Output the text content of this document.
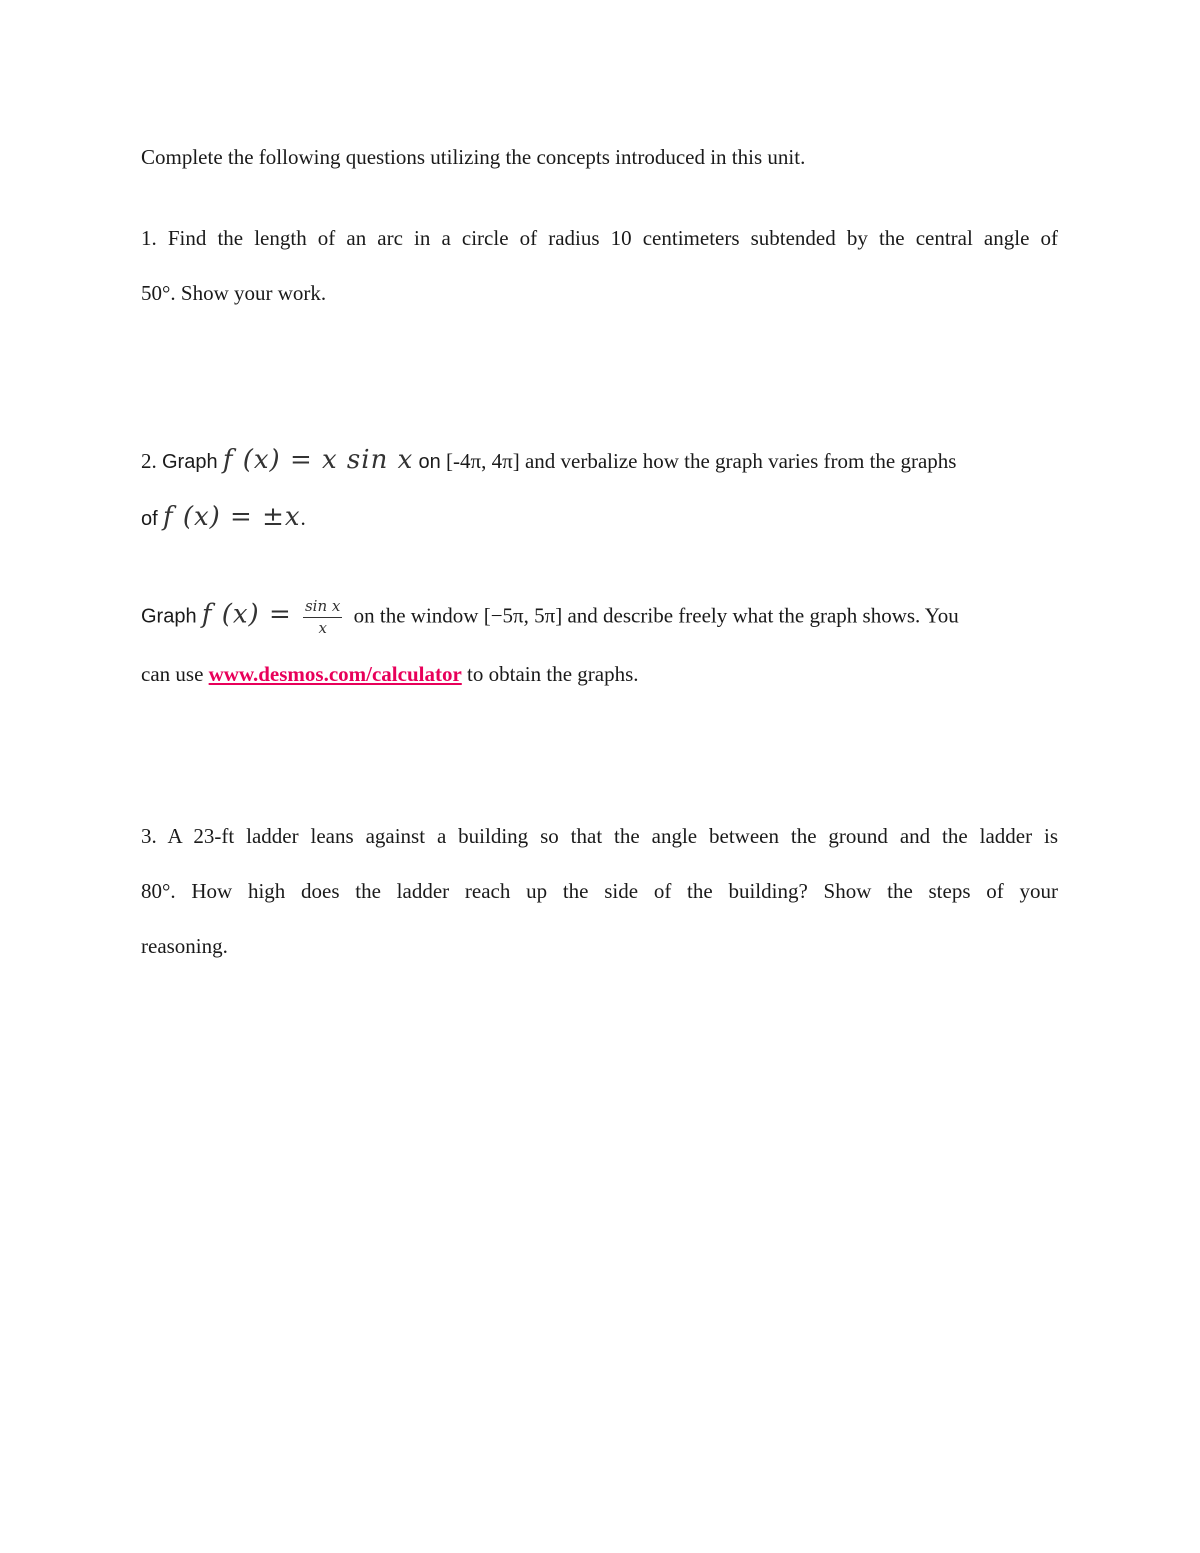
Complete the following questions utilizing the concepts introduced in this unit.
1. Find the length of an arc in a circle of radius 10 centimeters subtended by the central angle of
50°. Show your work.
2. Graph f (x) = x sin x on [-4π, 4π] and verbalize how the graph varies from the graphs
of f (x) = ±x.
Graph f $(x) = \frac{\text{sin x}}{x}$ on the window [−5π, 5π] and describe freely what the graph shows. You
can use www.desmos.com/calculator to obtain the graphs.
3. A 23-ft ladder leans against a building so that the angle between the ground and the ladder is
80°. How high does the ladder reach up the side of the building? Show the steps of your
reasoning.
